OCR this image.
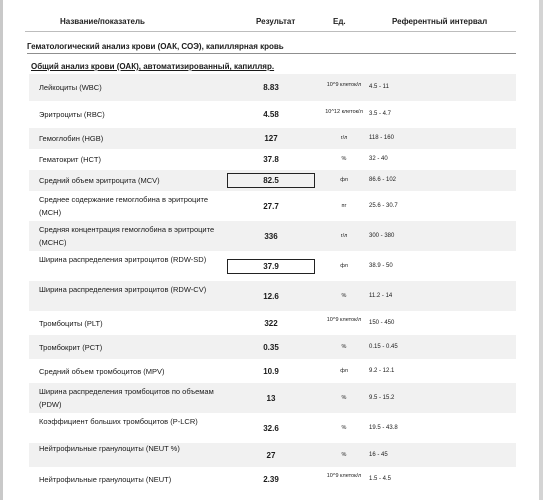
Название/показатель	Результат	Ед.	Референтный интервал
Гематологический анализ крови (ОАК, СОЭ), капиллярная кровь
Общий анализ крови (ОАК), автоматизированный, капилляр.
Лейкоциты (WBC)	8.83	10^9 клеток/л	4.5 - 11
Эритроциты (RBC)	4.58	10^12 клеток/л 3.5 - 4.7
Гемоглобин (HGB)	127	г/л	118 - 160
Гематокрит (HCT)	37.8	%	32 - 40
Средний объем эритроцита (MCV)	82.5	фл	86.6 - 102
Среднее содержание гемоглобина в эритроците (MCH)
27.7	пг	25.6 - 30.7
Средняя концентрация гемоглобина в эритроците (MCHC)
336	г/л	300 - 380
Ширина распределения эритроцитов (RDW-SD)
37.9	фл	38.9 - 50
Ширина распределения эритроцитов (RDW-CV)
12.6	%	11.2 - 14
Тромбоциты (PLT)	322	10^9 клеток/л	150 - 450
Тромбокрит (PCT)	0.35	%	0.15 - 0.45
Средний объем тромбоцитов (MPV)	10.9	фл	9.2 - 12.1
Ширина распределения тромбоцитов по объемам (PDW)
13	%	9.5 - 15.2
Коэффициент больших тромбоцитов (P-LCR)
32.6	%	19.5 - 43.8
Нейтрофильные гранулоциты (NEUT %)
27	%	16 - 45
Нейтрофильные гранулоциты (NEUT)	2.39	10^9 клеток/л	1.5 - 4.5
